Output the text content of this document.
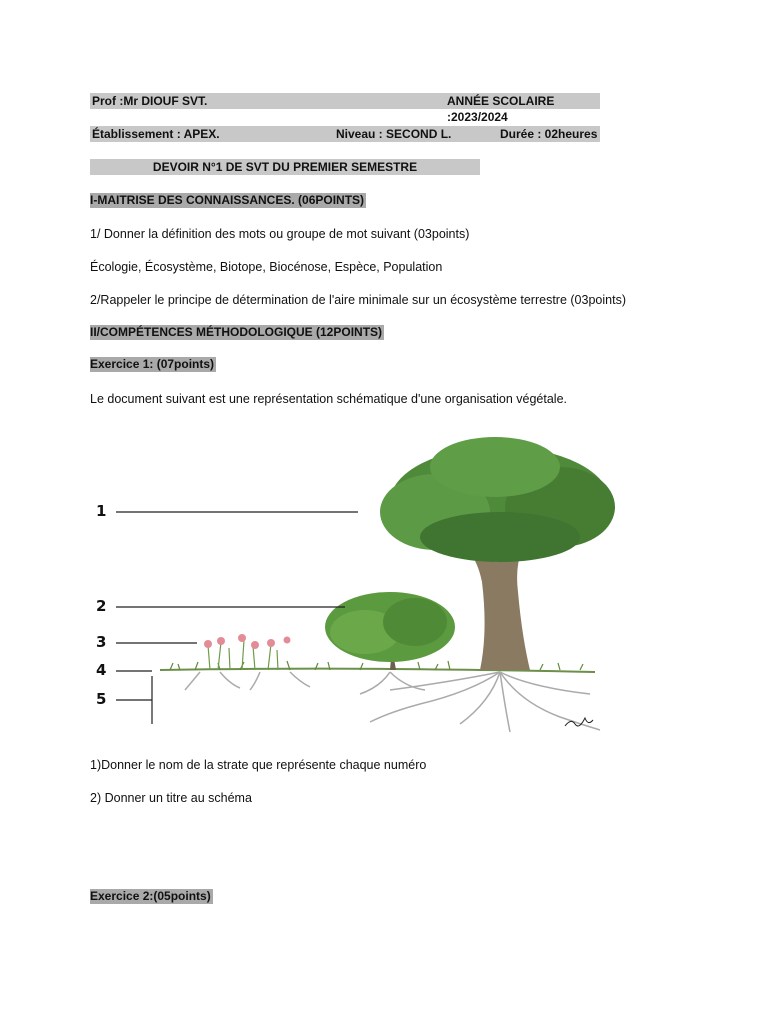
Prof :Mr DIOUF SVT.	ANNÉE SCOLAIRE :2023/2024
Établissement : APEX.	Niveau : SECOND L.	Durée : 02heures
DEVOIR N°1 DE SVT DU PREMIER SEMESTRE
I-MAITRISE DES CONNAISSANCES. (06POINTS)
1/ Donner la définition des mots ou groupe de mot suivant (03points)
Écologie, Écosystème, Biotope, Biocénose, Espèce, Population
2/Rappeler le principe de détermination de l'aire minimale sur un écosystème terrestre (03points)
II/COMPÉTENCES MÉTHODOLOGIQUE (12POINTS)
Exercice 1: (07points)
Le document suivant est une représentation schématique d'une organisation végétale.
1
2
3
4
5
1)Donner le nom de la strate que représente chaque numéro
2) Donner un titre au schéma
Exercice 2:(05points)
